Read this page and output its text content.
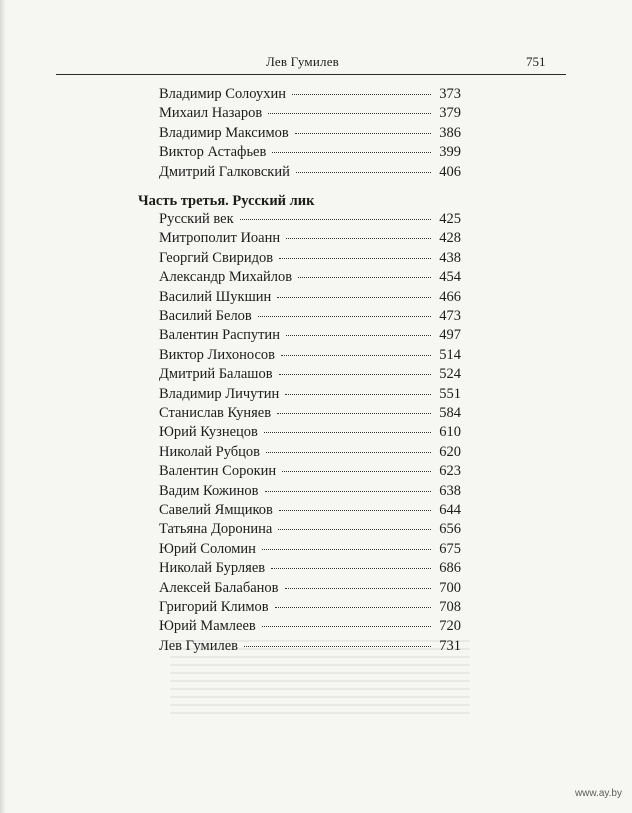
Лев Гумилев	751
Владимир Солоухин	373
Михаил Назаров	379
Владимир Максимов	386
Виктор Астафьев	399
Дмитрий Галковский	406
Часть третья. Русский лик
Русский век	425
Митрополит Иоанн	428
Георгий Свиридов	438
Александр Михайлов	454
Василий Шукшин	466
Василий Белов	473
Валентин Распутин	497
Виктор Лихоносов	514
Дмитрий Балашов	524
Владимир Личутин	551
Станислав Куняев	584
Юрий Кузнецов	610
Николай Рубцов	620
Валентин Сорокин	623
Вадим Кожинов	638
Савелий Ямщиков	644
Татьяна Доронина	656
Юрий Соломин	675
Николай Бурляев	686
Алексей Балабанов	700
Григорий Климов	708
Юрий Мамлеев	720
Лев Гумилев	731
www.ay.by
